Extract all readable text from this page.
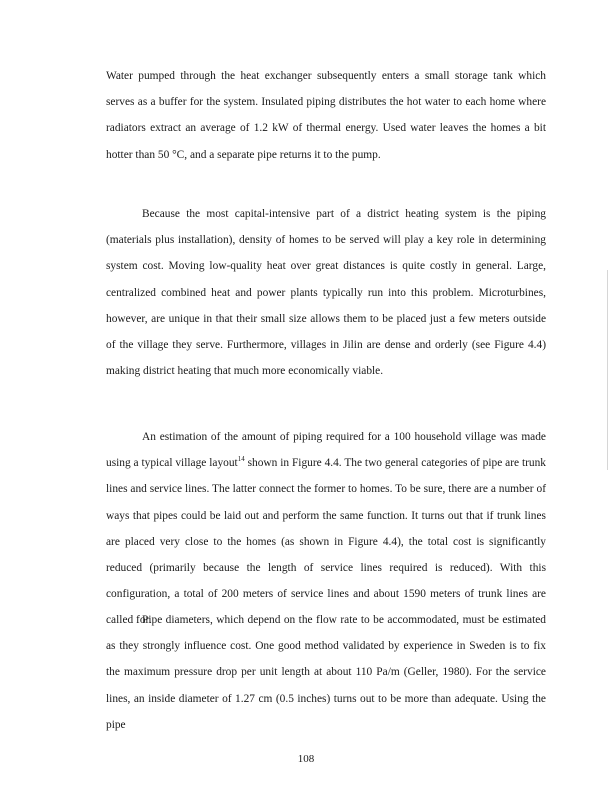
Water pumped through the heat exchanger subsequently enters a small storage tank which serves as a buffer for the system. Insulated piping distributes the hot water to each home where radiators extract an average of 1.2 kW of thermal energy. Used water leaves the homes a bit hotter than 50 °C, and a separate pipe returns it to the pump.

Because the most capital-intensive part of a district heating system is the piping (materials plus installation), density of homes to be served will play a key role in determining system cost. Moving low-quality heat over great distances is quite costly in general. Large, centralized combined heat and power plants typically run into this problem. Microturbines, however, are unique in that their small size allows them to be placed just a few meters outside of the village they serve. Furthermore, villages in Jilin are dense and orderly (see Figure 4.4) making district heating that much more economically viable.

An estimation of the amount of piping required for a 100 household village was made using a typical village layout$^{14}$ shown in Figure 4.4. The two general categories of pipe are trunk lines and service lines. The latter connect the former to homes. To be sure, there are a number of ways that pipes could be laid out and perform the same function. It turns out that if trunk lines are placed very close to the homes (as shown in Figure 4.4), the total cost is significantly reduced (primarily because the length of service lines required is reduced). With this configuration, a total of 200 meters of service lines and about 1590 meters of trunk lines are called for.

Pipe diameters, which depend on the flow rate to be accommodated, must be estimated as they strongly influence cost. One good method validated by experience in Sweden is to fix the maximum pressure drop per unit length at about 110 Pa/m (Geller, 1980). For the service lines, an inside diameter of 1.27 cm (0.5 inches) turns out to be more than adequate. Using the pipe

108
